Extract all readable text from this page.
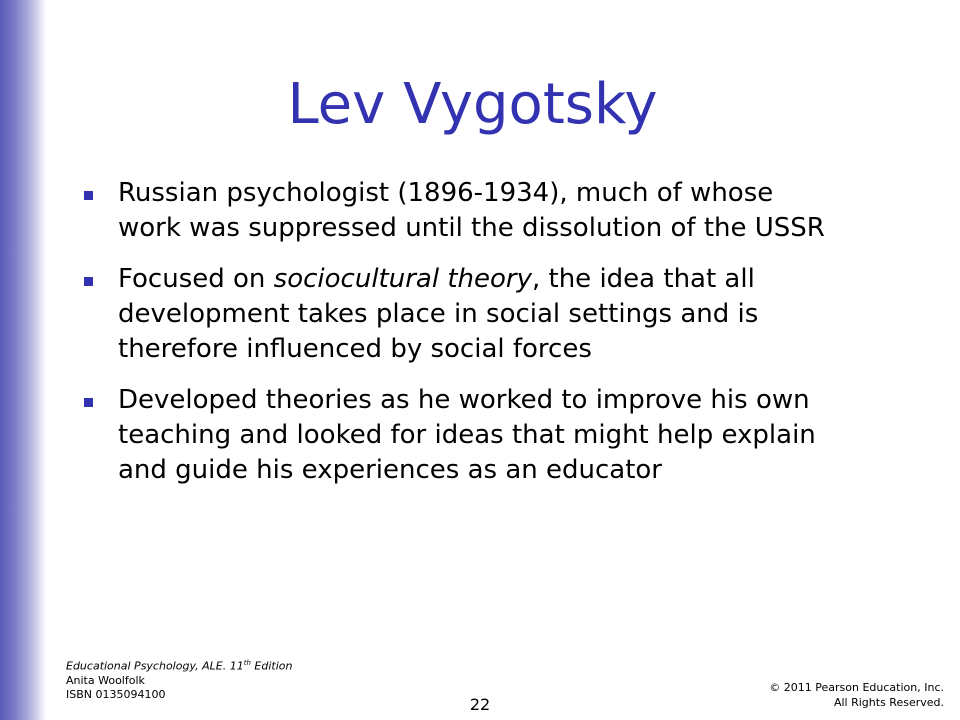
Lev Vygotsky
Russian psychologist (1896-1934), much of whose work was suppressed until the dissolution of the USSR
Focused on sociocultural theory, the idea that all development takes place in social settings and is therefore influenced by social forces
Developed theories as he worked to improve his own teaching and looked for ideas that might help explain and guide his experiences as an educator
Educational Psychology, ALE. 11th Edition
Anita Woolfolk
ISBN 0135094100
22
© 2011 Pearson Education, Inc.
All Rights Reserved.
